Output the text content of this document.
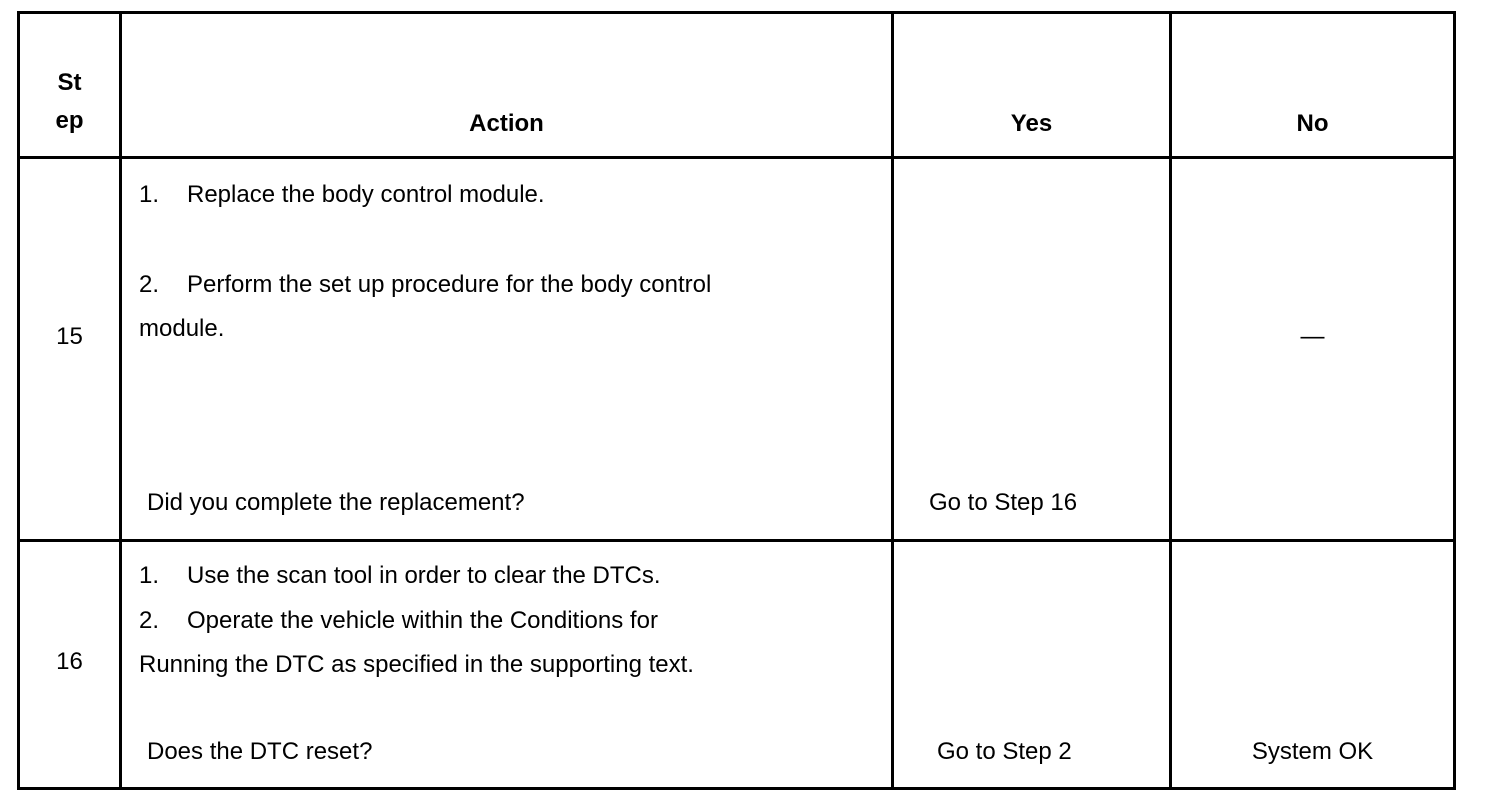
St
ep	Action	Yes	No

15	1. Replace the body control module.
2. Perform the set up procedure for the body control
module.
Did you complete the replacement?	Go to Step 16	—

16	1. Use the scan tool in order to clear the DTCs.
2. Operate the vehicle within the Conditions for
Running the DTC as specified in the supporting text.
Does the DTC reset?	Go to Step 2	System OK
